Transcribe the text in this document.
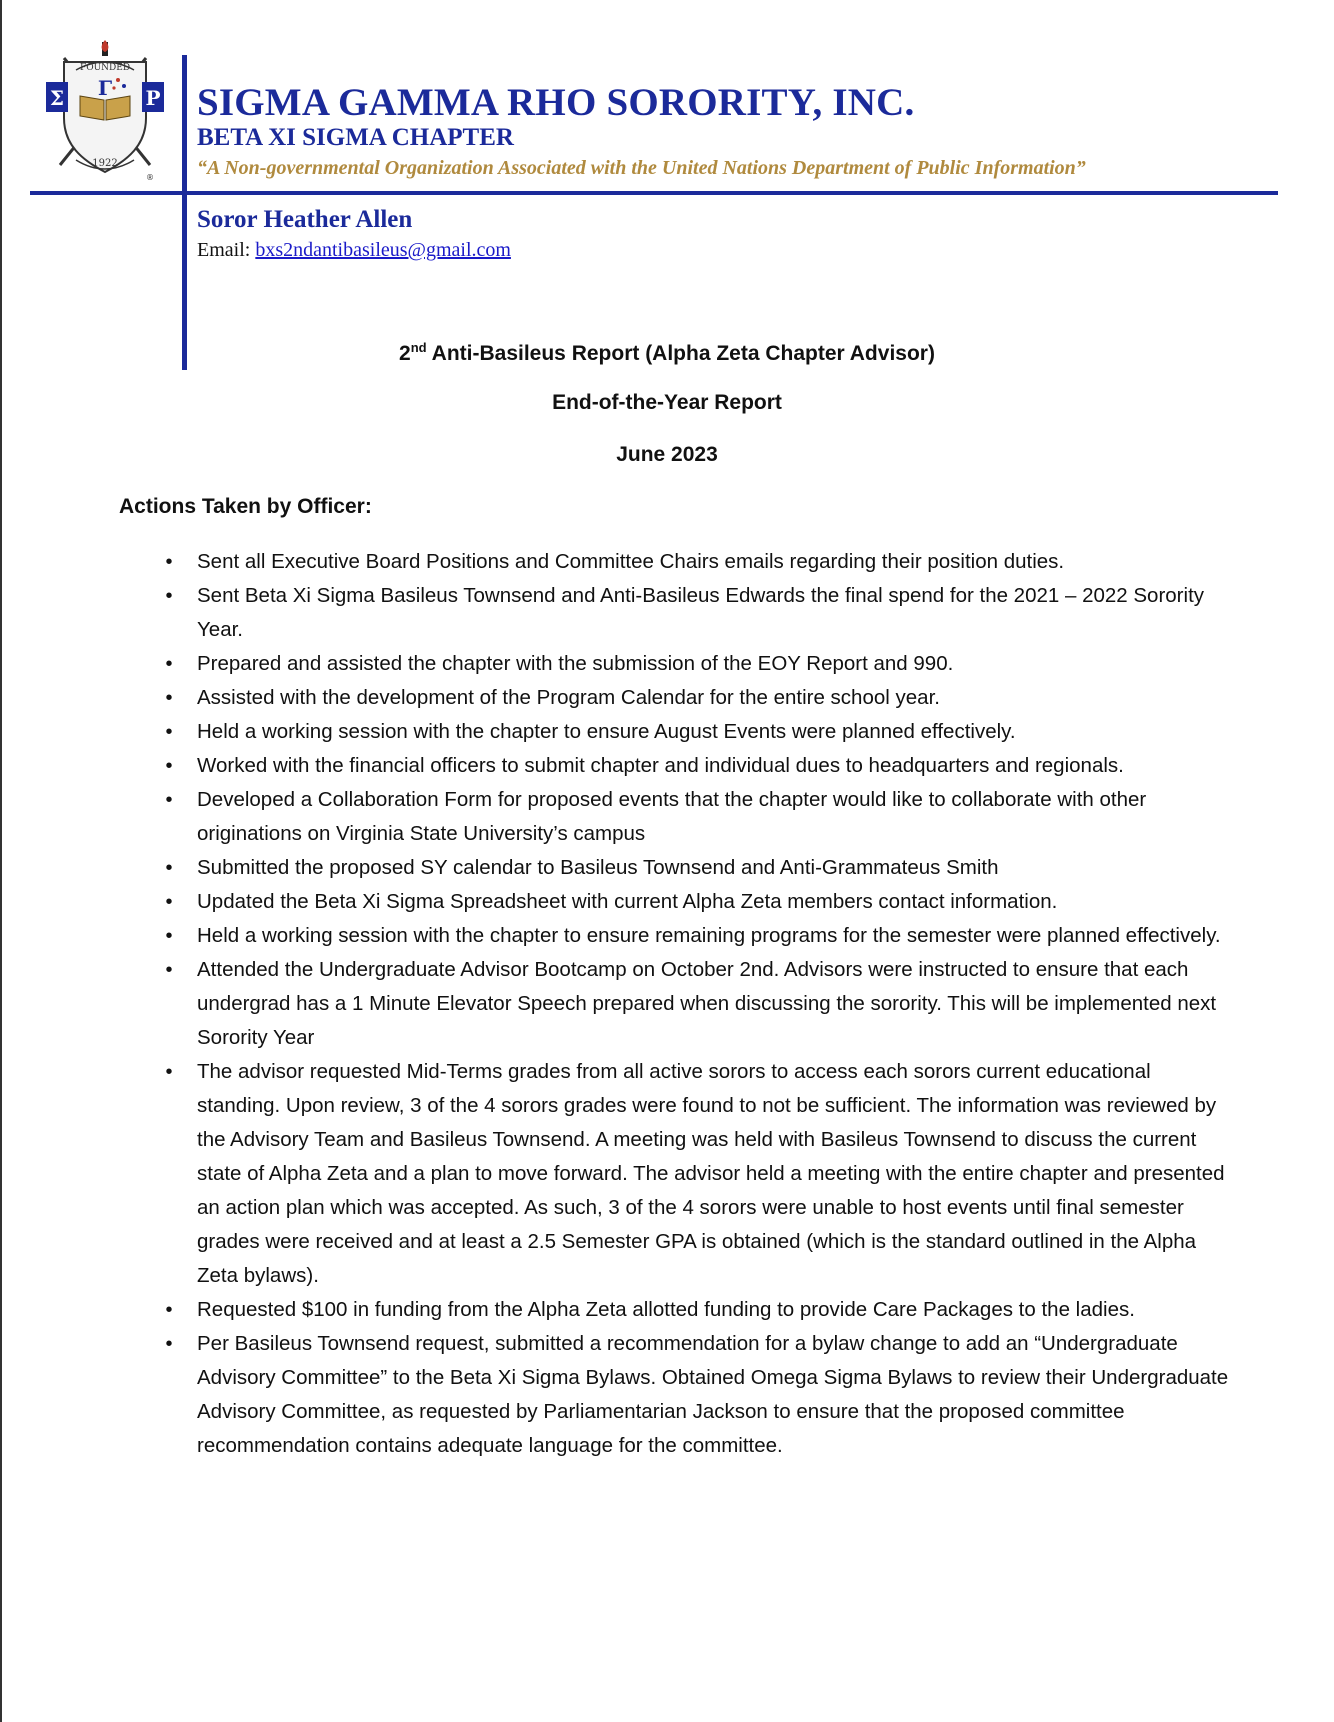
FOUNDED
Σ Γ Ρ
1922
®
SIGMA GAMMA RHO SORORITY, INC.
BETA XI SIGMA CHAPTER
“A Non-governmental Organization Associated with the United Nations Department of Public Information”
Soror Heather Allen
Email: bxs2ndantibasileus@gmail.com
2nd Anti-Basileus Report (Alpha Zeta Chapter Advisor)
End-of-the-Year Report
June 2023
Actions Taken by Officer:
•	Sent all Executive Board Positions and Committee Chairs emails regarding their position duties.
•	Sent Beta Xi Sigma Basileus Townsend and Anti-Basileus Edwards the final spend for the 2021 – 2022 Sorority Year.
•	Prepared and assisted the chapter with the submission of the EOY Report and 990.
•	Assisted with the development of the Program Calendar for the entire school year.
•	Held a working session with the chapter to ensure August Events were planned effectively.
•	Worked with the financial officers to submit chapter and individual dues to headquarters and regionals.
•	Developed a Collaboration Form for proposed events that the chapter would like to collaborate with other originations on Virginia State University’s campus
•	Submitted the proposed SY calendar to Basileus Townsend and Anti-Grammateus Smith
•	Updated the Beta Xi Sigma Spreadsheet with current Alpha Zeta members contact information.
•	Held a working session with the chapter to ensure remaining programs for the semester were planned effectively.
•	Attended the Undergraduate Advisor Bootcamp on October 2nd. Advisors were instructed to ensure that each undergrad has a 1 Minute Elevator Speech prepared when discussing the sorority. This will be implemented next Sorority Year
•	The advisor requested Mid-Terms grades from all active sorors to access each sorors current educational standing. Upon review, 3 of the 4 sorors grades were found to not be sufficient. The information was reviewed by the Advisory Team and Basileus Townsend. A meeting was held with Basileus Townsend to discuss the current state of Alpha Zeta and a plan to move forward. The advisor held a meeting with the entire chapter and presented an action plan which was accepted. As such, 3 of the 4 sorors were unable to host events until final semester grades were received and at least a 2.5 Semester GPA is obtained (which is the standard outlined in the Alpha Zeta bylaws).
•	Requested $100 in funding from the Alpha Zeta allotted funding to provide Care Packages to the ladies.
•	Per Basileus Townsend request, submitted a recommendation for a bylaw change to add an “Undergraduate Advisory Committee” to the Beta Xi Sigma Bylaws. Obtained Omega Sigma Bylaws to review their Undergraduate Advisory Committee, as requested by Parliamentarian Jackson to ensure that the proposed committee recommendation contains adequate language for the committee.
